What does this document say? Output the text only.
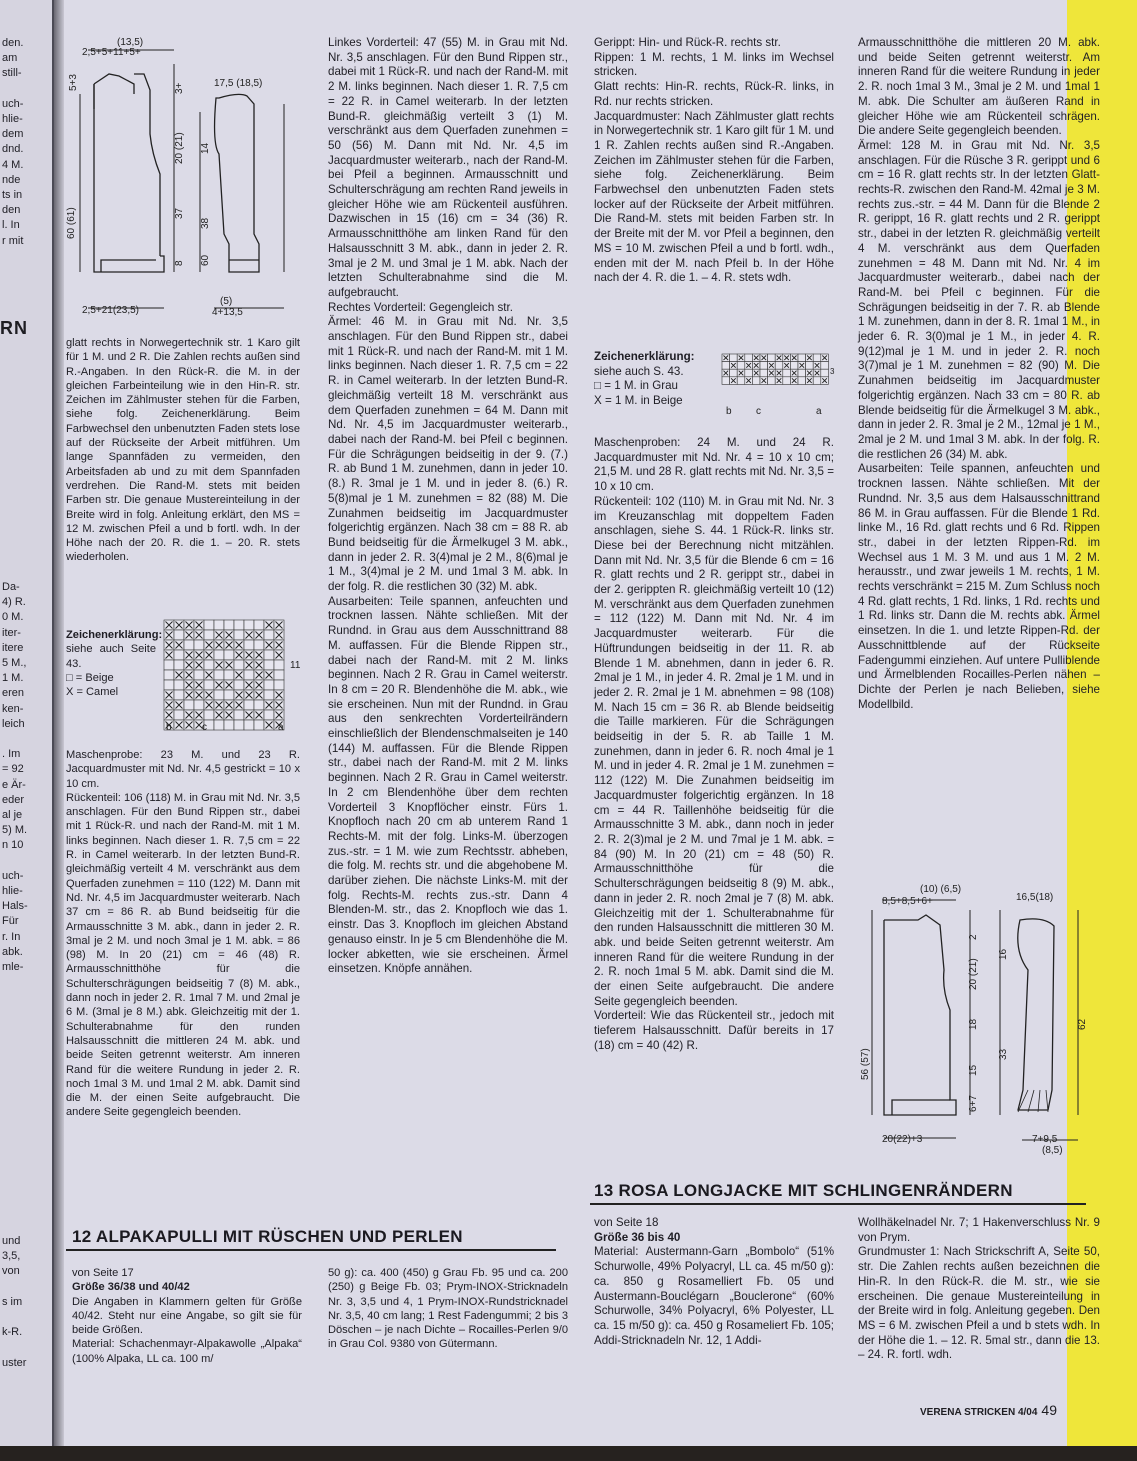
den.
am
still-
uch-
hlie-
dem
dnd.
4 M.
nde
ts in
den
l. In
r mit
Da-
4) R.
0 M.
iter-
itere
5 M.,
1 M.
eren
ken-
leich
. Im
= 92
e Är-
eder
al je
5) M.
n 10
uch-
hlie-
Hals-
Für
r. In
abk.
mle-
und
3,5,
von
s im
k-R.
uster
RN
(13,5)
2,5+5+11+5+
17,5 (18,5)
2,5+21(23,5)
(5)
4+13,5
60 (61)
5+3	3+
20 (21)
37
8
14
38
60

glatt rechts in Norwegertechnik str. 1 Karo gilt für 1 M. und 2 R. Die Zahlen rechts außen sind R.-Angaben. In den Rück-R. die M. in der gleichen Farbeinteilung wie in den Hin-R. str. Zeichen im Zählmuster stehen für die Farben, siehe folg. Zeichenerklärung. Beim Farbwechsel den unbenutzten Faden stets lose auf der Rückseite der Arbeit mitführen. Um lange Spannfäden zu vermeiden, den Arbeitsfaden ab und zu mit dem Spannfaden verdrehen. Die Rand-M. stets mit beiden Farben str. Die genaue Mustereinteilung in der Breite wird in folg. Anleitung erklärt, den MS = 12 M. zwischen Pfeil a und b fortl. wdh. In der Höhe nach der 20. R. die 1. – 20. R. stets wiederholen.

Zeichenerklärung:

siehe auch Seite 43.

□ = Beige

X = Camel

11
b	c	a

Maschenprobe: 23 M. und 23 R. Jacquardmuster mit Nd. Nr. 4,5 gestrickt = 10 x 10 cm.

Rückenteil: 106 (118) M. in Grau mit Nd. Nr. 3,5 anschlagen. Für den Bund Rippen str., dabei mit 1 Rück-R. und nach der Rand-M. mit 1 M. links beginnen. Nach dieser 1. R. 7,5 cm = 22 R. in Camel weiterarb. In der letzten Bund-R. gleichmäßig verteilt 4 M. verschränkt aus dem Querfaden zunehmen = 110 (122) M. Dann mit Nd. Nr. 4,5 im Jacquardmuster weiterarb. Nach 37 cm = 86 R. ab Bund beidseitig für die Armausschnitte 3 M. abk., dann in jeder 2. R. 3mal je 2 M. und noch 3mal je 1 M. abk. = 86 (98) M. In 20 (21) cm = 46 (48) R. Armausschnitthöhe für die Schulterschrägungen beidseitig 7 (8) M. abk., dann noch in jeder 2. R. 1mal 7 M. und 2mal je 6 M. (3mal je 8 M.) abk. Gleichzeitig mit der 1. Schulterabnahme für den runden Halsausschnitt die mittleren 24 M. abk. und beide Seiten getrennt weiterstr. Am inneren Rand für die weitere Rundung in jeder 2. R. noch 1mal 3 M. und 1mal 2 M. abk. Damit sind die M. der einen Seite aufgebraucht. Die andere Seite gegengleich beenden.

Linkes Vorderteil: 47 (55) M. in Grau mit Nd. Nr. 3,5 anschlagen. Für den Bund Rippen str., dabei mit 1 Rück-R. und nach der Rand-M. mit 2 M. links beginnen. Nach dieser 1. R. 7,5 cm = 22 R. in Camel weiterarb. In der letzten Bund-R. gleichmäßig verteilt 3 (1) M. verschränkt aus dem Querfaden zunehmen = 50 (56) M. Dann mit Nd. Nr. 4,5 im Jacquardmuster weiterarb., nach der Rand-M. bei Pfeil a beginnen. Armausschnitt und Schulterschrägung am rechten Rand jeweils in gleicher Höhe wie am Rückenteil ausführen. Dazwischen in 15 (16) cm = 34 (36) R. Armausschnitthöhe am linken Rand für den Halsausschnitt 3 M. abk., dann in jeder 2. R. 3mal je 2 M. und 3mal je 1 M. abk. Nach der letzten Schulterabnahme sind die M. aufgebraucht.

Rechtes Vorderteil: Gegengleich str.

Ärmel: 46 M. in Grau mit Nd. Nr. 3,5 anschlagen. Für den Bund Rippen str., dabei mit 1 Rück-R. und nach der Rand-M. mit 1 M. links beginnen. Nach dieser 1. R. 7,5 cm = 22 R. in Camel weiterarb. In der letzten Bund-R. gleichmäßig verteilt 18 M. verschränkt aus dem Querfaden zunehmen = 64 M. Dann mit Nd. Nr. 4,5 im Jacquardmuster weiterarb., dabei nach der Rand-M. bei Pfeil c beginnen. Für die Schrägungen beidseitig in der 9. (7.) R. ab Bund 1 M. zunehmen, dann in jeder 10. (8.) R. 3mal je 1 M. und in jeder 8. (6.) R. 5(8)mal je 1 M. zunehmen = 82 (88) M. Die Zunahmen beidseitig im Jacquardmuster folgerichtig ergänzen. Nach 38 cm = 88 R. ab Bund beidseitig für die Ärmelkugel 3 M. abk., dann in jeder 2. R. 3(4)mal je 2 M., 8(6)mal je 1 M., 3(4)mal je 2 M. und 1mal 3 M. abk. In der folg. R. die restlichen 30 (32) M. abk.

Ausarbeiten: Teile spannen, anfeuchten und trocknen lassen. Nähte schließen. Mit der Rundnd. in Grau aus dem Ausschnittrand 88 M. auffassen. Für die Blende Rippen str., dabei nach der Rand-M. mit 2 M. links beginnen. Nach 2 R. Grau in Camel weiterstr. In 8 cm = 20 R. Blendenhöhe die M. abk., wie sie erscheinen. Nun mit der Rundnd. in Grau aus den senkrechten Vorderteilrändern einschließlich der Blendenschmalseiten je 140 (144) M. auffassen. Für die Blende Rippen str., dabei nach der Rand-M. mit 2 M. links beginnen. Nach 2 R. Grau in Camel weiterstr. In 2 cm Blendenhöhe über dem rechten Vorderteil 3 Knopflöcher einstr. Fürs 1. Knopfloch nach 20 cm ab unterem Rand 1 Rechts-M. mit der folg. Links-M. überzogen zus.-str. = 1 M. wie zum Rechtsstr. abheben, die folg. M. rechts str. und die abgehobene M. darüber ziehen. Die nächste Links-M. mit der folg. Rechts-M. rechts zus.-str. Dann 4 Blenden-M. str., das 2. Knopfloch wie das 1. einstr. Das 3. Knopfloch im gleichen Abstand genauso einstr. In je 5 cm Blendenhöhe die M. locker abketten, wie sie erscheinen. Ärmel einsetzen. Knöpfe annähen.

Gerippt: Hin- und Rück-R. rechts str.

Rippen: 1 M. rechts, 1 M. links im Wechsel stricken.

Glatt rechts: Hin-R. rechts, Rück-R. links, in Rd. nur rechts stricken.

Jacquardmuster: Nach Zählmuster glatt rechts in Norwegertechnik str. 1 Karo gilt für 1 M. und 1 R. Zahlen rechts außen sind R.-Angaben. Zeichen im Zählmuster stehen für die Farben, siehe folg. Zeichenerklärung. Beim Farbwechsel den unbenutzten Faden stets locker auf der Rückseite der Arbeit mitführen. Die Rand-M. stets mit beiden Farben str. In der Breite mit der M. vor Pfeil a beginnen, den MS = 10 M. zwischen Pfeil a und b fortl. wdh., enden mit der M. nach Pfeil b. In der Höhe nach der 4. R. die 1. – 4. R. stets wdh.

Zeichenerklärung:

siehe auch S. 43.

□ = 1 M. in Grau

X = 1 M. in Beige

3
b c	a

Maschenproben: 24 M. und 24 R. Jacquardmuster mit Nd. Nr. 4 = 10 x 10 cm; 21,5 M. und 28 R. glatt rechts mit Nd. Nr. 3,5 = 10 x 10 cm.

Rückenteil: 102 (110) M. in Grau mit Nd. Nr. 3 im Kreuzanschlag mit doppeltem Faden anschlagen, siehe S. 44. 1 Rück-R. links str. Diese bei der Berechnung nicht mitzählen. Dann mit Nd. Nr. 3,5 für die Blende 6 cm = 16 R. glatt rechts und 2 R. gerippt str., dabei in der 2. gerippten R. gleichmäßig verteilt 10 (12) M. verschränkt aus dem Querfaden zunehmen = 112 (122) M. Dann mit Nd. Nr. 4 im Jacquardmuster weiterarb. Für die Hüftrundungen beidseitig in der 11. R. ab Blende 1 M. abnehmen, dann in jeder 6. R. 2mal je 1 M., in jeder 4. R. 2mal je 1 M. und in jeder 2. R. 2mal je 1 M. abnehmen = 98 (108) M. Nach 15 cm = 36 R. ab Blende beidseitig die Taille markieren. Für die Schrägungen beidseitig in der 5. R. ab Taille 1 M. zunehmen, dann in jeder 6. R. noch 4mal je 1 M. und in jeder 4. R. 2mal je 1 M. zunehmen = 112 (122) M. Die Zunahmen beidseitig im Jacquardmuster folgerichtig ergänzen. In 18 cm = 44 R. Taillenhöhe beidseitig für die Armausschnitte 3 M. abk., dann noch in jeder 2. R. 2(3)mal je 2 M. und 7mal je 1 M. abk. = 84 (90) M. In 20 (21) cm = 48 (50) R. Armausschnitthöhe für die Schulterschrägungen beidseitig 8 (9) M. abk., dann in jeder 2. R. noch 2mal je 7 (8) M. abk. Gleichzeitig mit der 1. Schulterabnahme für den runden Halsausschnitt die mittleren 30 M. abk. und beide Seiten getrennt weiterstr. Am inneren Rand für die weitere Rundung in der 2. R. noch 1mal 5 M. abk. Damit sind die M. der einen Seite aufgebraucht. Die andere Seite gegengleich beenden.

Vorderteil: Wie das Rückenteil str., jedoch mit tieferem Halsausschnitt. Dafür bereits in 17 (18) cm = 40 (42) R.

Armausschnitthöhe die mittleren 20 M. abk. und beide Seiten getrennt weiterstr. Am inneren Rand für die weitere Rundung in jeder 2. R. noch 1mal 3 M., 3mal je 2 M. und 1mal 1 M. abk. Die Schulter am äußeren Rand in gleicher Höhe wie am Rückenteil schrägen. Die andere Seite gegengleich beenden.

Ärmel: 128 M. in Grau mit Nd. Nr. 3,5 anschlagen. Für die Rüsche 3 R. gerippt und 6 cm = 16 R. glatt rechts str. In der letzten Glatt-rechts-R. zwischen den Rand-M. 42mal je 3 M. rechts zus.-str. = 44 M. Dann für die Blende 2 R. gerippt, 16 R. glatt rechts und 2 R. gerippt str., dabei in der letzten R. gleichmäßig verteilt 4 M. verschränkt aus dem Querfaden zunehmen = 48 M. Dann mit Nd. Nr. 4 im Jacquardmuster weiterarb., dabei nach der Rand-M. bei Pfeil c beginnen. Für die Schrägungen beidseitig in der 7. R. ab Blende 1 M. zunehmen, dann in der 8. R. 1mal 1 M., in jeder 6. R. 3(0)mal je 1 M., in jeder 4. R. 9(12)mal je 1 M. und in jeder 2. R. noch 3(7)mal je 1 M. zunehmen = 82 (90) M. Die Zunahmen beidseitig im Jacquardmuster folgerichtig ergänzen. Nach 33 cm = 80 R. ab Blende beidseitig für die Ärmelkugel 3 M. abk., dann in jeder 2. R. 3mal je 2 M., 12mal je 1 M., 2mal je 2 M. und 1mal 3 M. abk. In der folg. R. die restlichen 26 (34) M. abk.

Ausarbeiten: Teile spannen, anfeuchten und trocknen lassen. Nähte schließen. Mit der Rundnd. Nr. 3,5 aus dem Halsausschnittrand 86 M. in Grau auffassen. Für die Blende 1 Rd. linke M., 16 Rd. glatt rechts und 6 Rd. Rippen str., dabei in der letzten Rippen-Rd. im Wechsel aus 1 M. 3 M. und aus 1 M. 2 M. herausstr., und zwar jeweils 1 M. rechts, 1 M. rechts verschränkt = 215 M. Zum Schluss noch 4 Rd. glatt rechts, 1 Rd. links, 1 Rd. rechts und 1 Rd. links str. Dann die M. rechts abk. Ärmel einsetzen. In die 1. und letzte Rippen-Rd. der Ausschnittblende auf der Rückseite Fadengummi einziehen. Auf untere Pulliblende und Ärmelblenden Rocailles-Perlen nähen – Dichte der Perlen je nach Belieben, siehe Modellbild.

(10) (6,5)
8,5+8,5+6+	16,5(18)
20(22)+3	7+9,5
(8,5)
56 (57)
2
20 (21)
18
15
6+7
16
33
62
12 ALPAKAPULLI MIT RÜSCHEN UND PERLEN

von Seite 17

Größe 36/38 und 40/42

Die Angaben in Klammern gelten für Größe 40/42. Steht nur eine Angabe, so gilt sie für beide Größen.

Material: Schachenmayr-Alpakawolle „Alpaka“ (100% Alpaka, LL ca. 100 m/

50 g): ca. 400 (450) g Grau Fb. 95 und ca. 200 (250) g Beige Fb. 03; Prym-INOX-Stricknadeln Nr. 3, 3,5 und 4, 1 Prym-INOX-Rundstricknadel Nr. 3,5, 40 cm lang; 1 Rest Fadengummi; 2 bis 3 Döschen – je nach Dichte – Rocailles-Perlen 9/0 in Grau Col. 9380 von Gütermann.

13 ROSA LONGJACKE MIT SCHLINGENRÄNDERN

von Seite 18

Größe 36 bis 40

Material: Austermann-Garn „Bombolo“ (51% Schurwolle, 49% Polyacryl, LL ca. 45 m/50 g): ca. 850 g Rosamelliert Fb. 05 und Austermann-Bouclégarn „Bouclerone“ (60% Schurwolle, 34% Polyacryl, 6% Polyester, LL ca. 15 m/50 g): ca. 450 g Rosameliert Fb. 105; Addi-Stricknadeln Nr. 12, 1 Addi-

Wollhäkelnadel Nr. 7; 1 Hakenverschluss Nr. 9 von Prym.

Grundmuster 1: Nach Strickschrift A, Seite 50, str. Die Zahlen rechts außen bezeichnen die Hin-R. In den Rück-R. die M. str., wie sie erscheinen. Die genaue Mustereinteilung in der Breite wird in folg. Anleitung gegeben. Den MS = 6 M. zwischen Pfeil a und b stets wdh. In der Höhe die 1. – 12. R. 5mal str., dann die 13. – 24. R. fortl. wdh.

VERENA STRICKEN 4/04 49
